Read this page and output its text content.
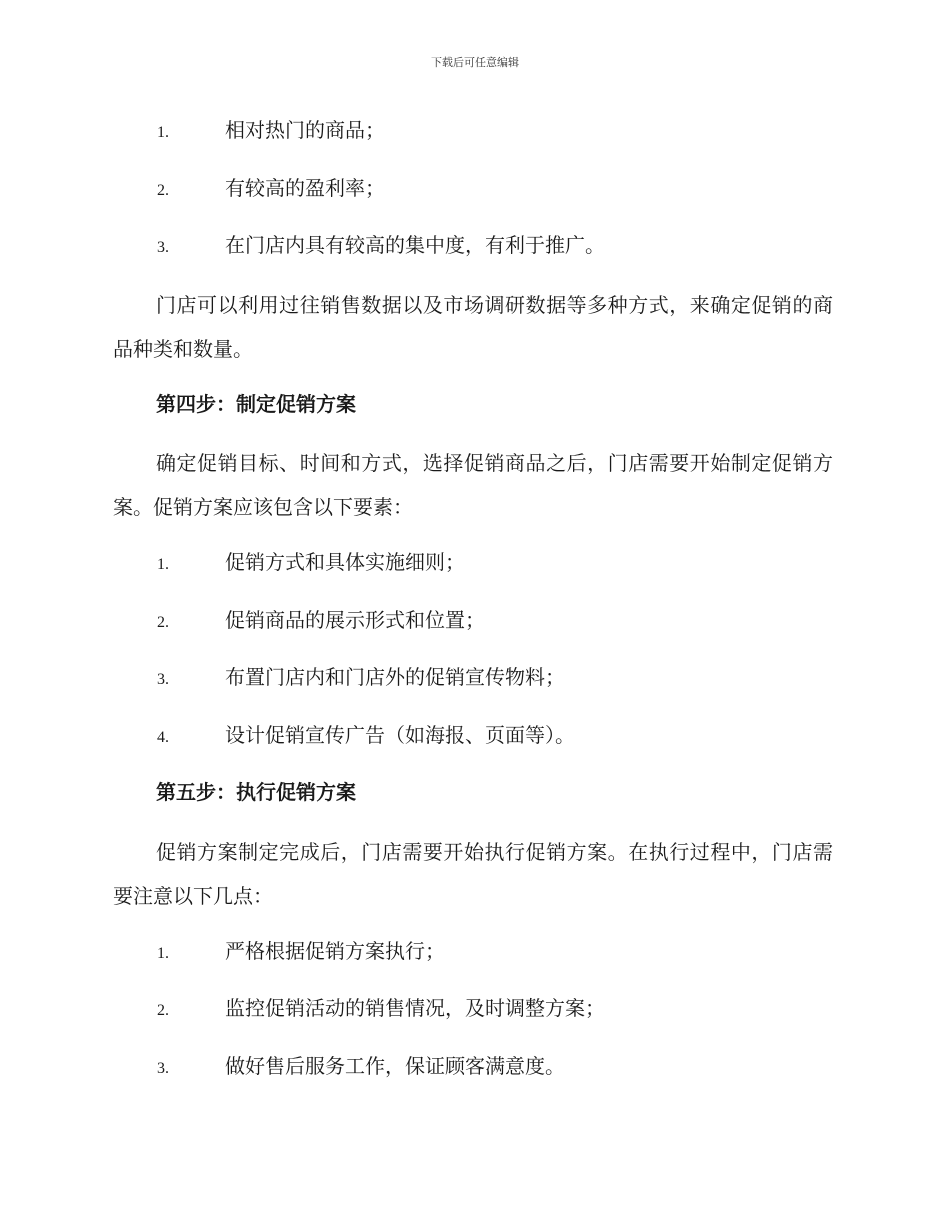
下载后可任意编辑
1.	相对热门的商品；
2.	有较高的盈利率；
3.	在门店内具有较高的集中度，有利于推广。

门店可以利用过往销售数据以及市场调研数据等多种方式，来确定促销的商品种类和数量。

第四步：制定促销方案

确定促销目标、时间和方式，选择促销商品之后，门店需要开始制定促销方案。促销方案应该包含以下要素：

1.	促销方式和具体实施细则；
2.	促销商品的展示形式和位置；
3.	布置门店内和门店外的促销宣传物料；
4.	设计促销宣传广告（如海报、页面等）。
第五步：执行促销方案

促销方案制定完成后，门店需要开始执行促销方案。在执行过程中，门店需要注意以下几点：

1.	严格根据促销方案执行；
2.	监控促销活动的销售情况，及时调整方案；
3.	做好售后服务工作，保证顾客满意度。
